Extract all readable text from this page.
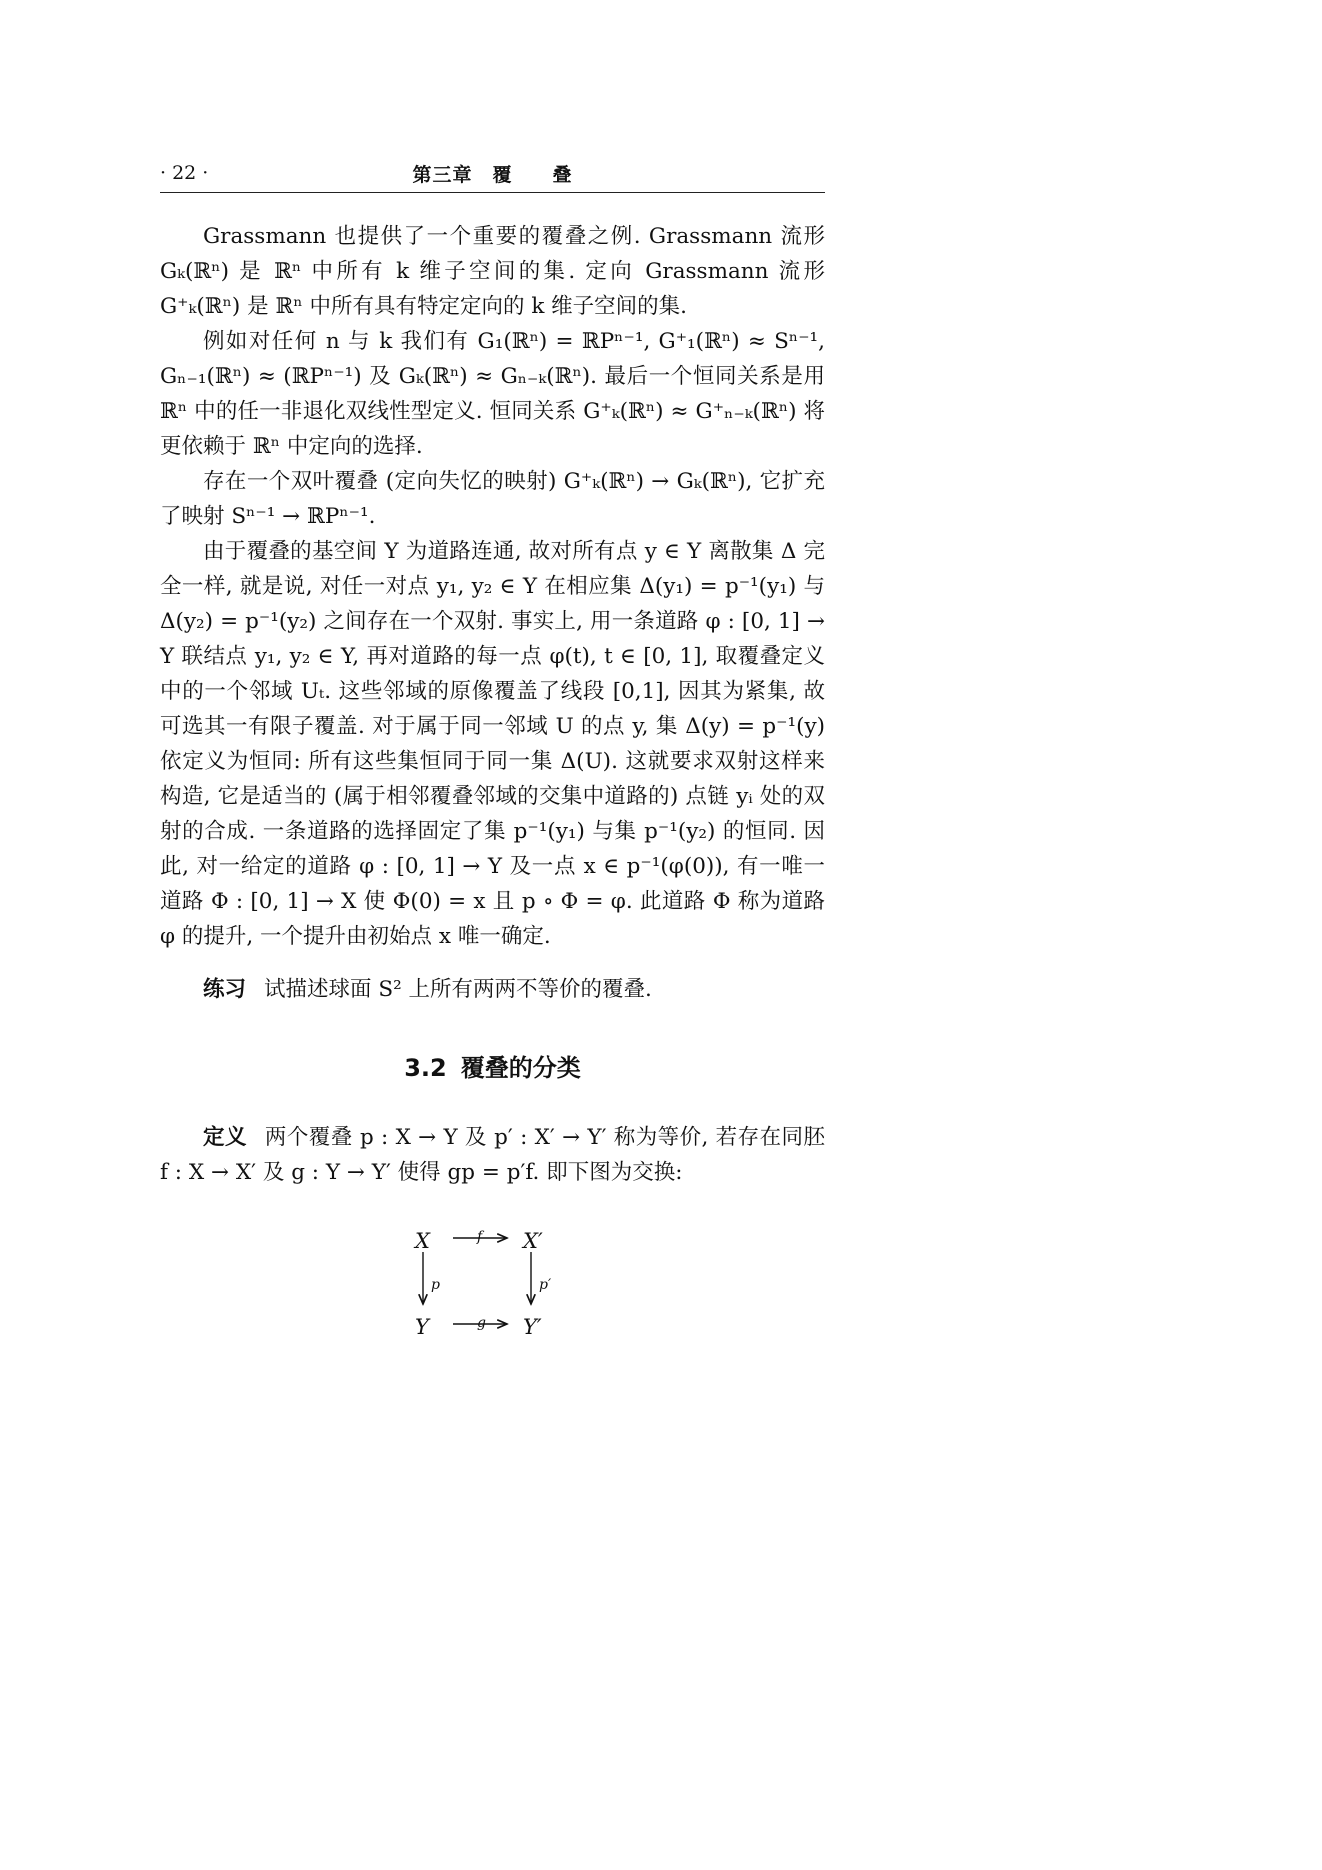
· 22 ·	第三章　覆　　叠

Grassmann 也提供了一个重要的覆叠之例. Grassmann 流形 Gₖ(ℝⁿ) 是 ℝⁿ 中所有 k 维子空间的集. 定向 Grassmann 流形 G⁺ₖ(ℝⁿ) 是 ℝⁿ 中所有具有特定定向的 k 维子空间的集.

例如对任何 n 与 k 我们有 G₁(ℝⁿ) = ℝPⁿ⁻¹, G⁺₁(ℝⁿ) ≈ Sⁿ⁻¹, Gₙ₋₁(ℝⁿ) ≈ (ℝPⁿ⁻¹) 及 Gₖ(ℝⁿ) ≈ Gₙ₋ₖ(ℝⁿ). 最后一个恒同关系是用 ℝⁿ 中的任一非退化双线性型定义. 恒同关系 G⁺ₖ(ℝⁿ) ≈ G⁺ₙ₋ₖ(ℝⁿ) 将更依赖于 ℝⁿ 中定向的选择.

存在一个双叶覆叠 (定向失忆的映射) G⁺ₖ(ℝⁿ) → Gₖ(ℝⁿ), 它扩充了映射 Sⁿ⁻¹ → ℝPⁿ⁻¹.

由于覆叠的基空间 Y 为道路连通, 故对所有点 y ∈ Y 离散集 Δ 完全一样, 就是说, 对任一对点 y₁, y₂ ∈ Y 在相应集 Δ(y₁) = p⁻¹(y₁) 与 Δ(y₂) = p⁻¹(y₂) 之间存在一个双射. 事实上, 用一条道路 φ : [0, 1] → Y 联结点 y₁, y₂ ∈ Y, 再对道路的每一点 φ(t), t ∈ [0, 1], 取覆叠定义中的一个邻域 Uₜ. 这些邻域的原像覆盖了线段 [0,1], 因其为紧集, 故可选其一有限子覆盖. 对于属于同一邻域 U 的点 y, 集 Δ(y) = p⁻¹(y) 依定义为恒同: 所有这些集恒同于同一集 Δ(U). 这就要求双射这样来构造, 它是适当的 (属于相邻覆叠邻域的交集中道路的) 点链 yᵢ 处的双射的合成. 一条道路的选择固定了集 p⁻¹(y₁) 与集 p⁻¹(y₂) 的恒同. 因此, 对一给定的道路 φ : [0, 1] → Y 及一点 x ∈ p⁻¹(φ(0)), 有一唯一道路 Φ : [0, 1] → X 使 Φ(0) = x 且 p ∘ Φ = φ. 此道路 Φ 称为道路 φ 的提升, 一个提升由初始点 x 唯一确定.

练习 试描述球面 S² 上所有两两不等价的覆叠.

3.2 覆叠的分类

定义 两个覆叠 p : X → Y 及 p′ : X′ → Y′ 称为等价, 若存在同胚 f : X → X′ 及 g : Y → Y′ 使得 gp = p′f. 即下图为交换:

X	X′
Y	Y′
f
g
p	p′
